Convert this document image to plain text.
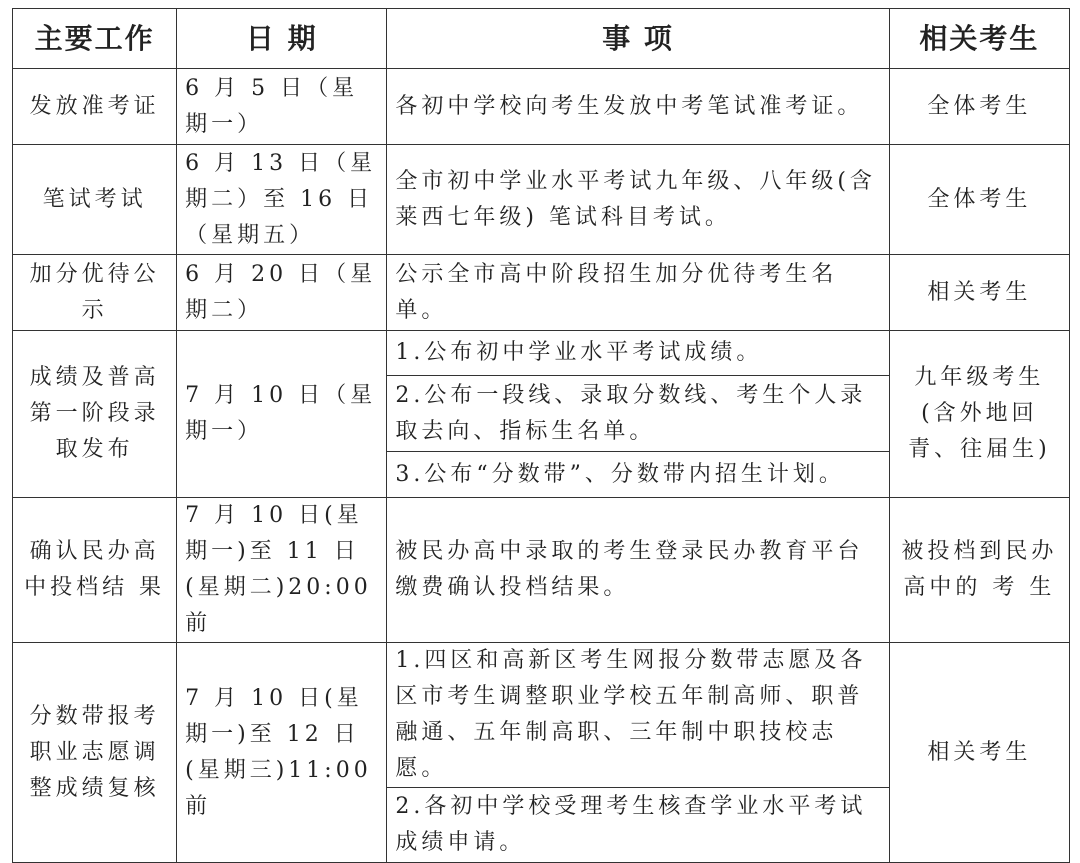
主要工作	日 期	事 项	相关考生
发放准考证	6 月 5 日（星期一）	各初中学校向考生发放中考笔试准考证。	全体考生
笔试考试	6 月 13 日（星期二）至 16 日（星期五）	全市初中学业水平考试九年级、八年级(含莱西七年级) 笔试科目考试。	全体考生
加分优待公 示	6 月 20 日（星期二）	公示全市高中阶段招生加分优待考生名单。	相关考生
成绩及普高第一阶段录取发布	7 月 10 日（星期一）	1.公布初中学业水平考试成绩。	九年级考生(含外地回青、往届生)
		2.公布一段线、录取分数线、考生个人录取去向、指标生名单。	
		3.公布“分数带”、分数带内招生计划。	
确认民办高中投档结 果	7 月 10 日(星期一)至 11 日(星期二)20:00 前	被民办高中录取的考生登录民办教育平台缴费确认投档结果。	被投档到民办高中的 考 生
分数带报考职业志愿调整成绩复核	7 月 10 日(星期一)至 12 日(星期三)11:00 前	1.四区和高新区考生网报分数带志愿及各区市考生调整职业学校五年制高师、职普融通、五年制高职、三年制中职技校志愿。	相关考生
		2.各初中学校受理考生核查学业水平考试成绩申请。	
